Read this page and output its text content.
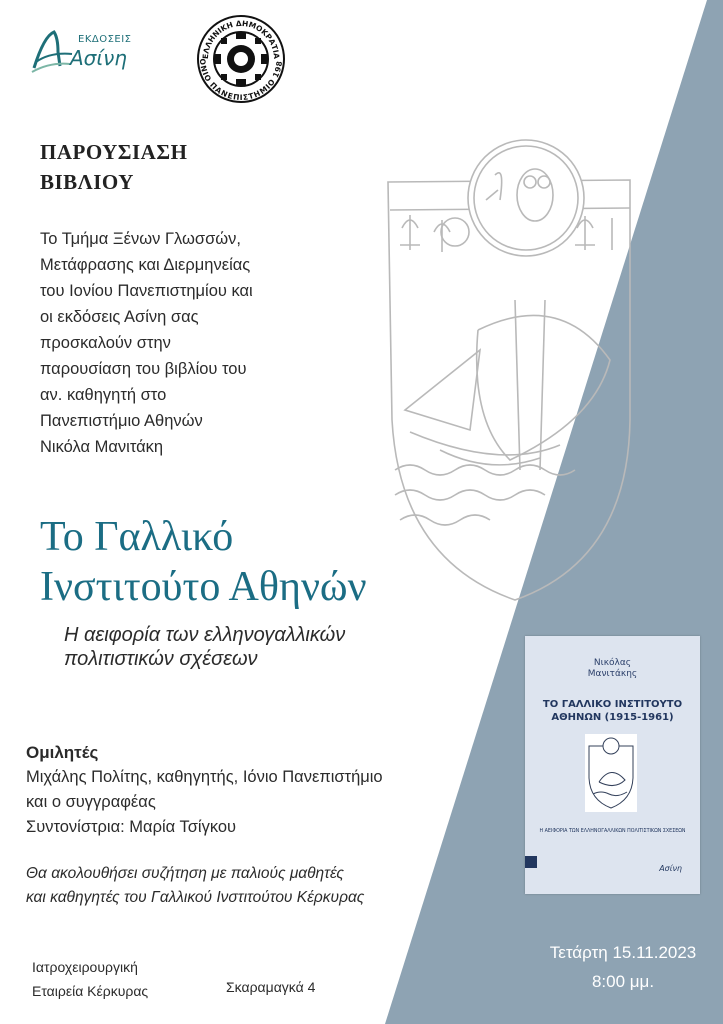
ΕΚΔΟΣΕΙΣ
Ασίνη	ΕΛΛΗΝΙΚΗ ΔΗΜΟΚΡΑΤΙΑ
ΟΝΙΟ ΠΑΝΕΠΙΣΤΗΜΙΟ 198
ΠΑΡΟΥΣΙΑΣΗ
ΒΙΒΛΙΟΥ
Το Τμήμα Ξένων Γλωσσών,
Μετάφρασης και Διερμηνείας
του Ιονίου Πανεπιστημίου και
οι εκδόσεις Ασίνη σας
προσκαλούν στην
παρουσίαση του βιβλίου του
αν. καθηγητή στο
Πανεπιστήμιο Αθηνών
Νικόλα Μανιτάκη
Το Γαλλικό
Ινστιτούτο Αθηνών
Η αειφορία των ελληνογαλλικών
πολιτιστικών σχέσεων
Ομιλητές
Μιχάλης Πολίτης, καθηγητής, Ιόνιο Πανεπιστήμιο
και ο συγγραφέας
Συντονίστρια: Μαρία Τσίγκου
Θα ακολουθήσει συζήτηση με παλιούς μαθητές
και καθηγητές του Γαλλικού Ινστιτούτου Κέρκυρας
Ιατροχειρουργική
Εταιρεία Κέρκυρας	Σκαραμαγκά 4
Τετάρτη 15.11.2023
8:00 μμ.
Νικόλας
Μανιτάκης
ΤΟ ΓΑΛΛΙΚΟ ΙΝΣΤΙΤΟΥΤΟ
ΑΘΗΝΩΝ (1915-1961)
Η ΑΕΙΦΟΡΙΑ ΤΩΝ ΕΛΛΗΝΟΓΑΛΛΙΚΩΝ ΠΟΛΙΤΙΣΤΙΚΩΝ ΣΧΕΣΕΩΝ
Ασίνη
